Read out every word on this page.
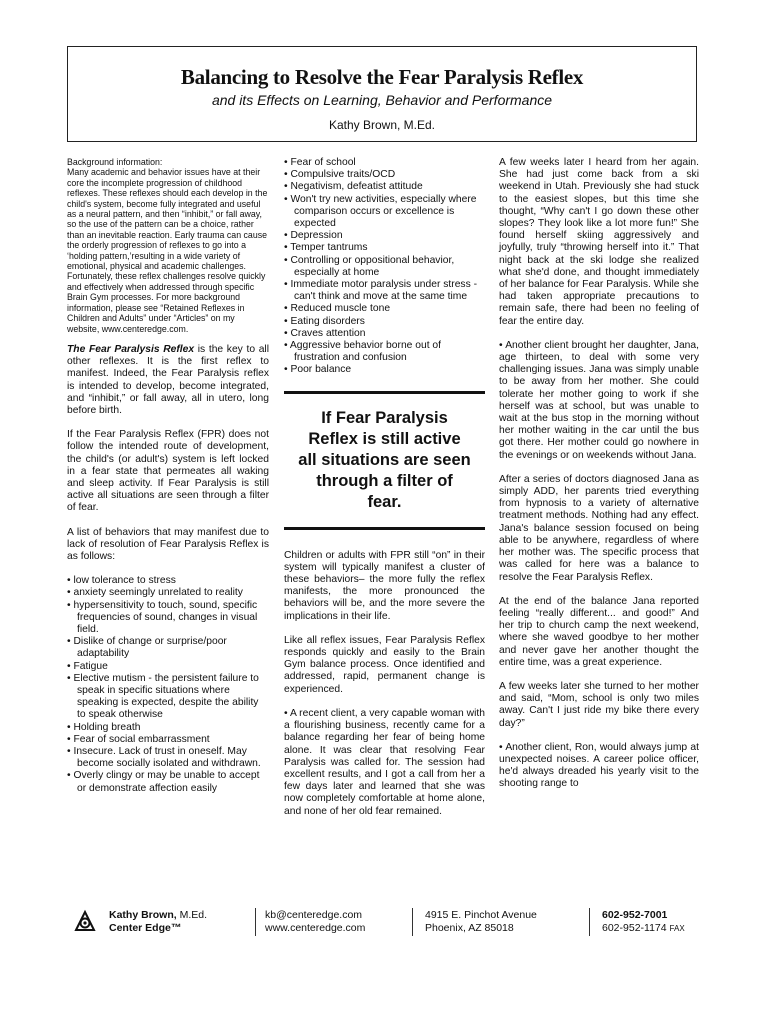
Balancing to Resolve the Fear Paralysis Reflex
and its Effects on Learning, Behavior and Performance
Kathy Brown, M.Ed.
Background information:
Many academic and behavior issues have at their core the incomplete progression of childhood reflexes. These reflexes should each develop in the child's system, become fully integrated and useful as a neural pattern, and then “inhibit,” or fall away, so the use of the pattern can be a choice, rather than an inevitable reaction. Early trauma can cause the orderly progression of reflexes to go into a ‘holding pattern,’resulting in a wide variety of emotional, physical and academic challenges. Fortunately, these reflex challenges resolve quickly and effectively when addressed through specific Brain Gym processes. For more background information, please see “Retained Reflexes in Children and Adults” under “Articles” on my website, www.centeredge.com.

The Fear Paralysis Reflex is the key to all other reflexes. It is the first reflex to manifest. Indeed, the Fear Paralysis reflex is intended to develop, become integrated, and “inhibit,” or fall away, all in utero, long before birth.

If the Fear Paralysis Reflex (FPR) does not follow the intended route of development, the child's (or adult's) system is left locked in a fear state that permeates all waking and sleep activity. If Fear Paralysis is still active all situations are seen through a filter of fear.

A list of behaviors that may manifest due to lack of resolution of Fear Paralysis Reflex is as follows:

• low tolerance to stress
• anxiety seemingly unrelated to reality
• hypersensitivity to touch, sound, specific frequencies of sound, changes in visual field.
• Dislike of change or surprise/poor adaptability
• Fatigue
• Elective mutism - the persistent failure to speak in specific situations where speaking is expected, despite the ability to speak otherwise
• Holding breath
• Fear of social embarrassment
• Insecure. Lack of trust in oneself. May become socially isolated and withdrawn.
• Overly clingy or may be unable to accept or demonstrate affection easily
• Fear of school
• Compulsive traits/OCD
• Negativism, defeatist attitude
• Won't try new activities, especially where comparison occurs or excellence is expected
• Depression
• Temper tantrums
• Controlling or oppositional behavior, especially at home
• Immediate motor paralysis under stress - can't think and move at the same time
• Reduced muscle tone
• Eating disorders
• Craves attention
• Aggressive behavior borne out of frustration and confusion
• Poor balance
If Fear Paralysis Reflex is still active all situations are seen through a filter of fear.

Children or adults with FPR still “on” in their system will typically manifest a cluster of these behaviors– the more fully the reflex manifests, the more pronounced the behaviors will be, and the more severe the implications in their life.

Like all reflex issues, Fear Paralysis Reflex responds quickly and easily to the Brain Gym balance process. Once identified and addressed, rapid, permanent change is experienced.

• A recent client, a very capable woman with a flourishing business, recently came for a balance regarding her fear of being home alone. It was clear that resolving Fear Paralysis was called for. The session had excellent results, and I got a call from her a few days later and learned that she was now completely comfortable at home alone, and none of her old fear remained.

A few weeks later I heard from her again. She had just come back from a ski weekend in Utah. Previously she had stuck to the easiest slopes, but this time she thought, “Why can't I go down these other slopes? They look like a lot more fun!” She found herself skiing aggressively and joyfully, truly “throwing herself into it.” That night back at the ski lodge she realized what she'd done, and thought immediately of her balance for Fear Paralysis. While she had taken appropriate precautions to remain safe, there had been no feeling of fear the entire day.

• Another client brought her daughter, Jana, age thirteen, to deal with some very challenging issues. Jana was simply unable to be away from her mother. She could tolerate her mother going to work if she herself was at school, but was unable to wait at the bus stop in the morning without her mother waiting in the car until the bus got there. Her mother could go nowhere in the evenings or on weekends without Jana.

After a series of doctors diagnosed Jana as simply ADD, her parents tried everything from hypnosis to a variety of alternative treatment methods. Nothing had any effect. Jana's balance session focused on being able to be anywhere, regardless of where her mother was. The specific process that was called for here was a balance to resolve the Fear Paralysis Reflex.

At the end of the balance Jana reported feeling “really different... and good!” And her trip to church camp the next weekend, where she waved goodbye to her mother and never gave her another thought the entire time, was a great experience.

A few weeks later she turned to her mother and said, “Mom, school is only two miles away. Can't I just ride my bike there every day?”

• Another client, Ron, would always jump at unexpected noises. A career police officer, he'd always dreaded his yearly visit to the shooting range to

Kathy Brown, M.Ed.
Center Edge™
kb@centeredge.com
www.centeredge.com
4915 E. Pinchot Avenue
Phoenix, AZ 85018
602-952-7001
602-952-1174 FAX
